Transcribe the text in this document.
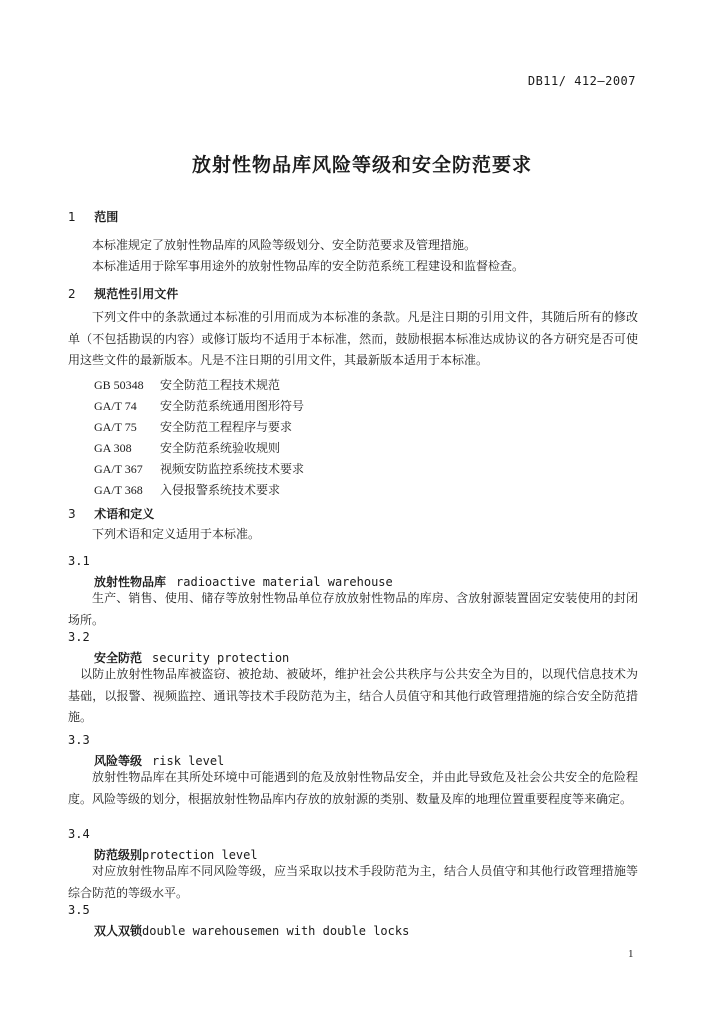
DB11/ 412—2007
放射性物品库风险等级和安全防范要求
1 范围
本标准规定了放射性物品库的风险等级划分、安全防范要求及管理措施。
本标准适用于除军事用途外的放射性物品库的安全防范系统工程建设和监督检查。
2 规范性引用文件
下列文件中的条款通过本标准的引用而成为本标准的条款。凡是注日期的引用文件，其随后所有的修改单（不包括勘误的内容）或修订版均不适用于本标准，然而，鼓励根据本标准达成协议的各方研究是否可使用这些文件的最新版本。凡是不注日期的引用文件，其最新版本适用于本标准。
GB 50348 安全防范工程技术规范
GA/T 74 安全防范系统通用图形符号
GA/T 75 安全防范工程程序与要求
GA 308 安全防范系统验收规则
GA/T 367 视频安防监控系统技术要求
GA/T 368 入侵报警系统技术要求
3 术语和定义
下列术语和定义适用于本标准。
3.1
放射性物品库 radioactive material warehouse
生产、销售、使用、储存等放射性物品单位存放放射性物品的库房、含放射源装置固定安装使用的封闭场所。
3.2
安全防范 security protection
以防止放射性物品库被盗窃、被抢劫、被破坏，维护社会公共秩序与公共安全为目的，以现代信息技术为基础，以报警、视频监控、通讯等技术手段防范为主，结合人员值守和其他行政管理措施的综合安全防范措施。
3.3
风险等级 risk level
放射性物品库在其所处环境中可能遇到的危及放射性物品安全，并由此导致危及社会公共安全的危险程度。风险等级的划分，根据放射性物品库内存放的放射源的类别、数量及库的地理位置重要程度等来确定。
3.4
防范级别protection level
对应放射性物品库不同风险等级，应当采取以技术手段防范为主，结合人员值守和其他行政管理措施等综合防范的等级水平。
3.5
双人双锁double warehousemen with double locks
1
